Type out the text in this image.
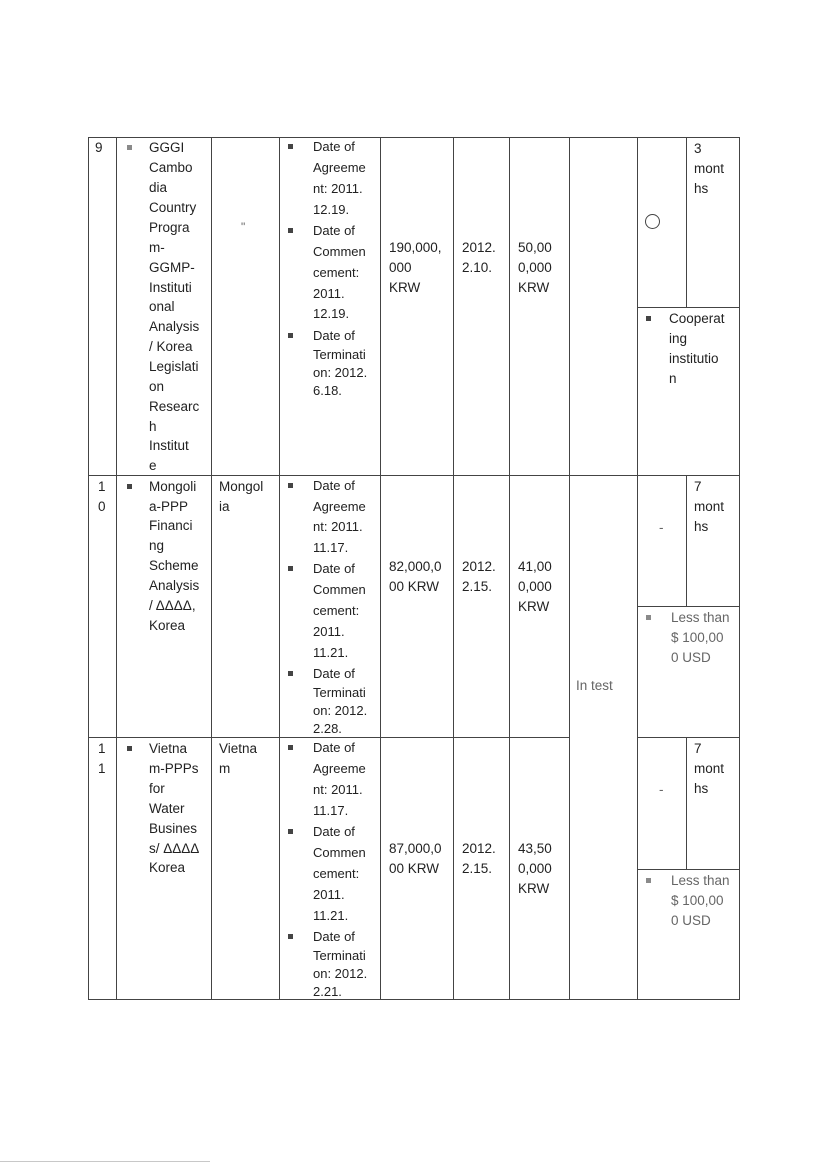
9	GGGI
Cambo
dia
Country
Progra
m-
GGMP-
Instituti
onal
Analysis
/ Korea
Legislati
on
Researc
h
Institut
e
"
Date of
Agreeme
nt: 2011.
12.19.
Date of
Commen
cement:
2011.
12.19.
Date of
Terminati
on: 2012.
6.18.
190,000,
000
KRW
2012.
2.10.
50,00
0,000
KRW
3
mont
hs
Cooperat
ing
institutio
n
1
0
Mongoli
a-PPP
Financi
ng
Scheme
Analysis
/ ΔΔΔΔ,
Korea
Mongol
ia
Date of
Agreeme
nt: 2011.
11.17.
Date of
Commen
cement:
2011.
11.21.
Date of
Terminati
on: 2012.
2.28.
82,000,0
00 KRW
2012.
2.15.
41,00
0,000
KRW
In test
-
7
mont
hs
Less than
$ 100,00
0 USD
1
1
Vietna
m-PPPs
for
Water
Busines
s/ ΔΔΔΔ
Korea
Vietna
m
Date of
Agreeme
nt: 2011.
11.17.
Date of
Commen
cement:
2011.
11.21.
Date of
Terminati
on: 2012.
2.21.
87,000,0
00 KRW
2012.
2.15.
43,50
0,000
KRW
-
7
mont
hs
Less than
$ 100,00
0 USD
